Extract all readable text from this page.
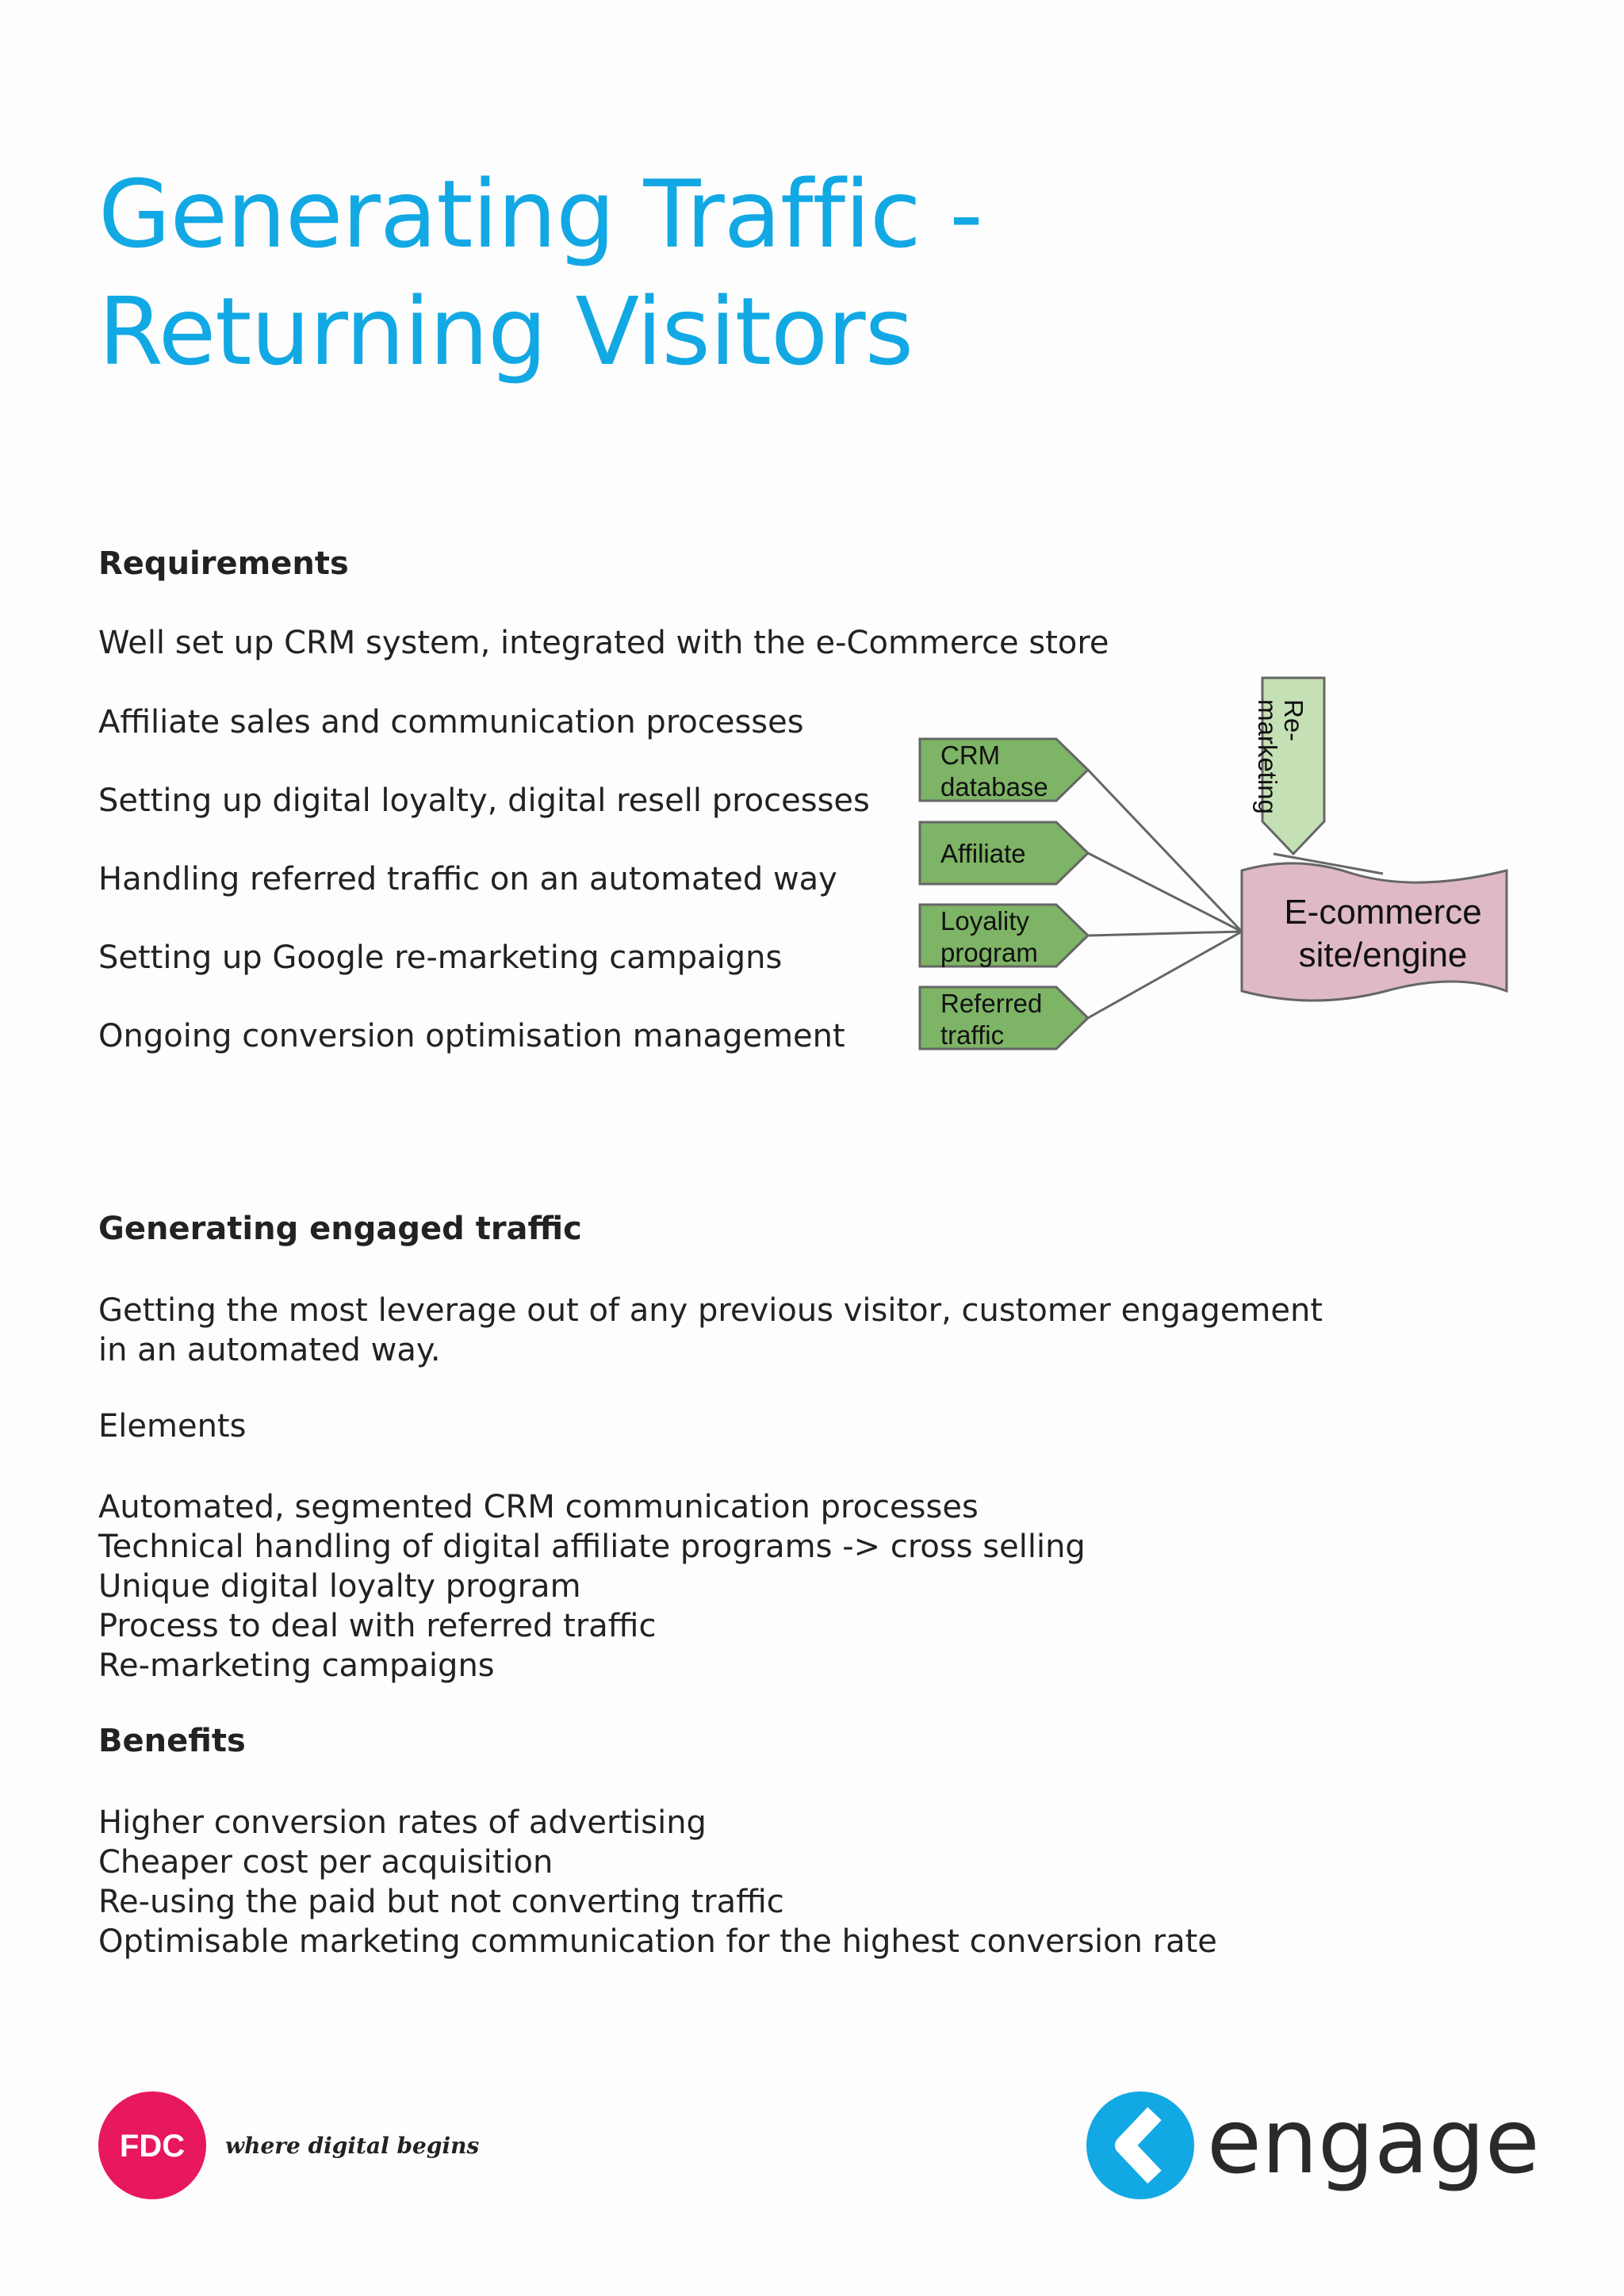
Generating Traffic - Returning Visitors

Requirements

Well set up CRM system, integrated with the e-Commerce store

Affiliate sales and communication processes

Setting up digital loyalty, digital resell processes

Handling referred traffic on an automated way

Setting up Google re-marketing campaigns

Ongoing conversion optimisation management

CRM
database
Affiliate
Loyality
program
Referred
traffic
Re-
marketing
E-commerce
site/engine

Generating engaged traffic

Getting the most leverage out of any previous visitor, customer engagement
in an automated way.

Elements

Automated, segmented CRM communication processes
Technical handling of digital affiliate programs -> cross selling
Unique digital loyalty program
Process to deal with referred traffic
Re-marketing campaigns

Benefits

Higher conversion rates of advertising
Cheaper cost per acquisition
Re-using the paid but not converting traffic
Optimisable marketing communication for the highest conversion rate
FDC where digital begins	engage
